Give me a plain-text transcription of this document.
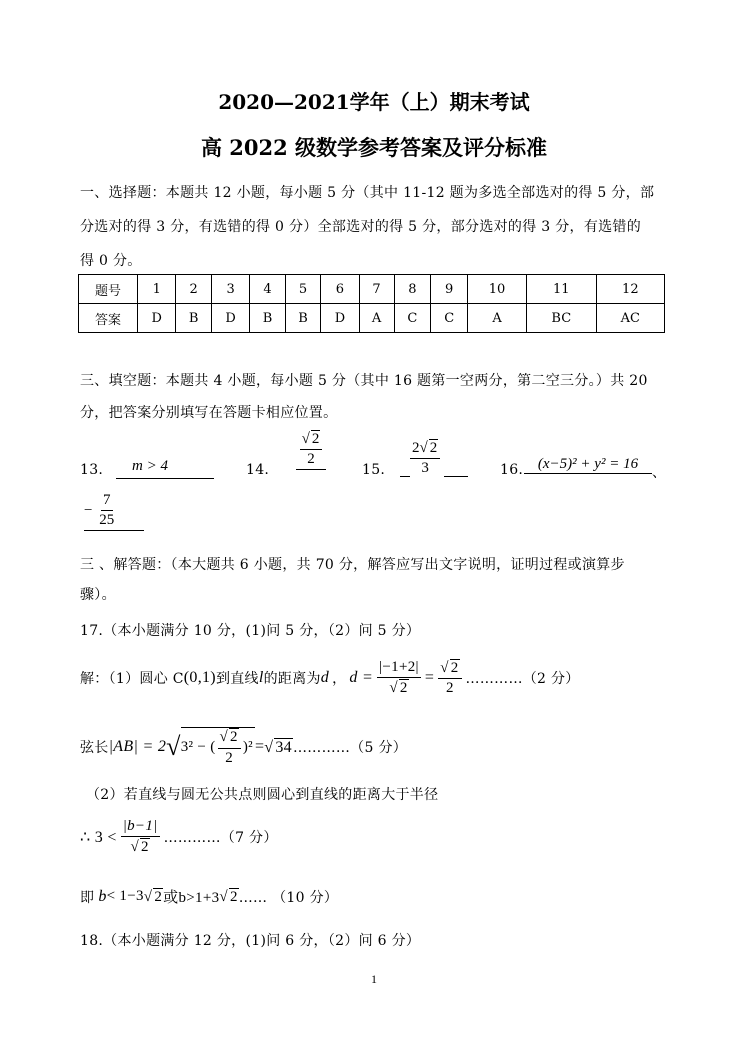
2020—2021学年（上）期末考试
高 2022 级数学参考答案及评分标准
一、选择题：本题共 12 小题，每小题 5 分（其中 11-12 题为多选全部选对的得 5 分，部
分选对的得 3 分，有选错的得 0 分）全部选对的得 5 分，部分选对的得 3 分，有选错的
得 0 分。
题号	1	2	3	4	5	6	7	8	9	10	11	12
答案	D	B	D	B	B	D	A	C	C	A	BC	AC
三、填空题：本题共 4 小题，每小题 5 分（其中 16 题第一空两分，第二空三分。）共 20
分，把答案分别填写在答题卡相应位置。
13.	m > 4	14.
$\frac{√ 2}{2}$
15. $\frac{2√ 2}{3}$	16. (x−5)² + y² = 16
、
− $\frac{7}{25}$
三 、解答题：（本大题共 6 小题，共 70 分，解答应写出文字说明，证明过程或演算步
骤）。
17.（本小题满分 10 分，(1)问 5 分，（2）问 5 分）
解：（1）圆心 C (0,1) 到直线 l 的距离为 d ， $d = \frac{|-1+2|}{√ 2} = \frac{√ 2}{2}$ …………（2 分）
弦长 |AB| = 2 √ 3² − ( $\frac{√ 2}{2} )^2$ = √ 34 …………（5 分）
（2）若直线与圆无公共点则圆心到直线的距离大于半径
∴ $3 < \frac{|b-1|}{√ 2}$ …………（7 分）
即 b < 1−3 √ 2 或b>1+3 √ 2 …… （10 分）
18.（本小题满分 12 分，(1)问 6 分，（2）问 6 分）
1
